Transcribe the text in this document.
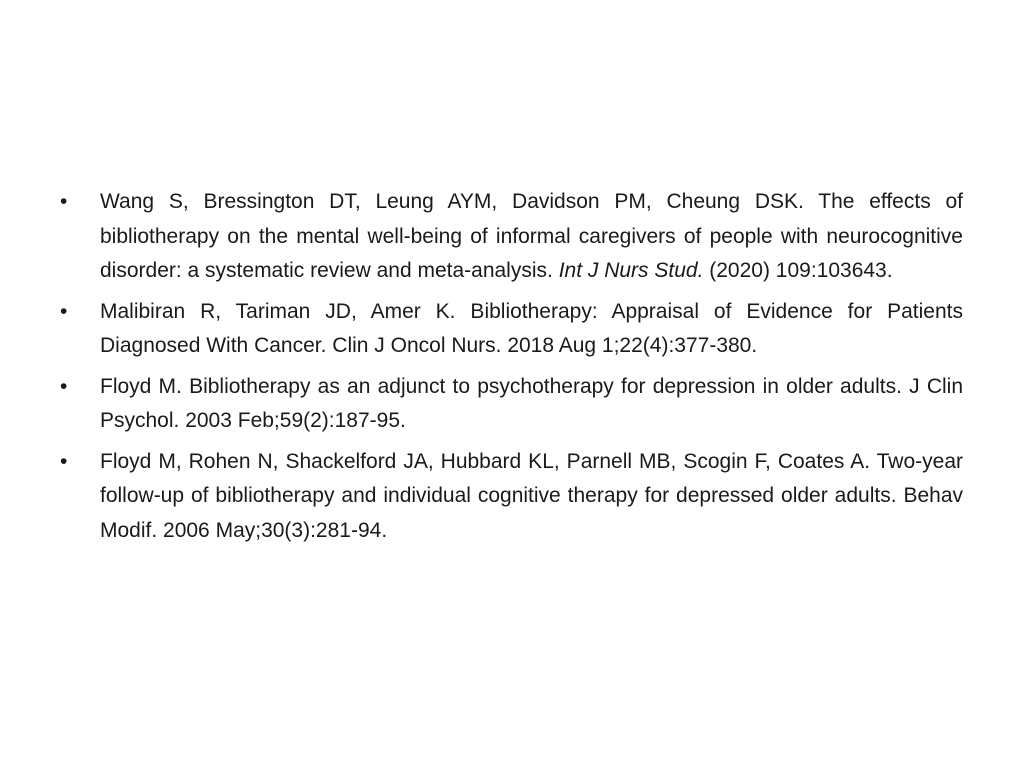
•	Wang S, Bressington DT, Leung AYM, Davidson PM, Cheung DSK. The effects of bibliotherapy on the mental well-being of informal caregivers of people with neurocognitive disorder: a systematic review and meta-analysis. Int J Nurs Stud. (2020) 109:103643.
•	Malibiran R, Tariman JD, Amer K. Bibliotherapy: Appraisal of Evidence for Patients Diagnosed With Cancer. Clin J Oncol Nurs. 2018 Aug 1;22(4):377-380.
•	Floyd M. Bibliotherapy as an adjunct to psychotherapy for depression in older adults. J Clin Psychol. 2003 Feb;59(2):187-95.
•	Floyd M, Rohen N, Shackelford JA, Hubbard KL, Parnell MB, Scogin F, Coates A. Two-year follow-up of bibliotherapy and individual cognitive therapy for depressed older adults. Behav Modif. 2006 May;30(3):281-94.
